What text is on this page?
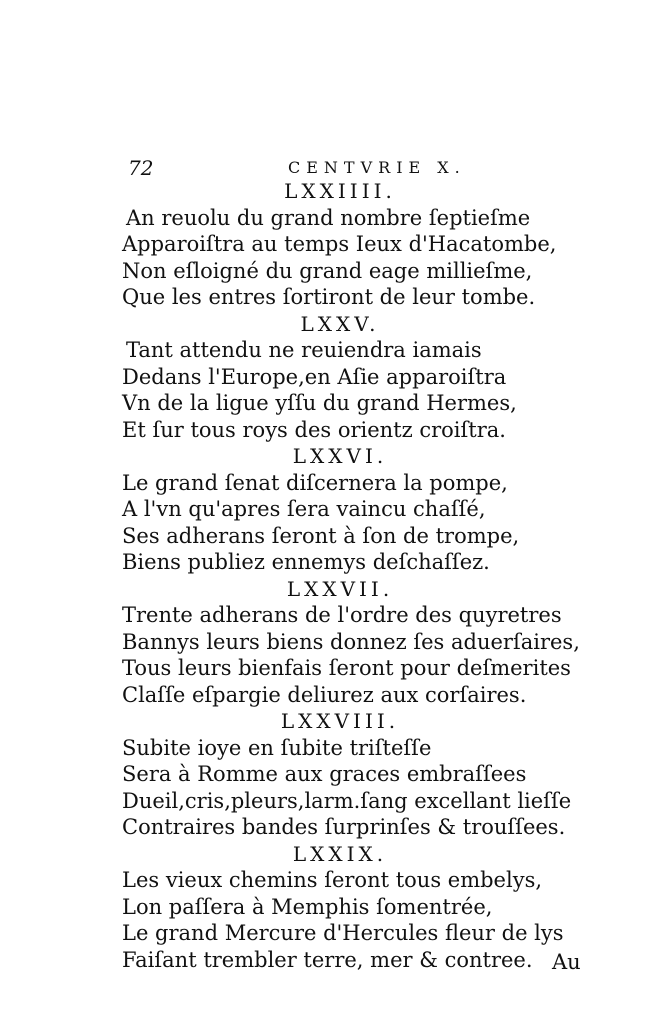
72	CENTVRIE X.
LXXIIII.
An reuolu du grand nombre ſeptieſme
Apparoiſtra au temps Ieux d'Hacatombe,
Non eſloigné du grand eage millieſme,
Que les entres ſortiront de leur tombe.
LXXV.
Tant attendu ne reuiendra iamais
Dedans l'Europe,en Aſie apparoiſtra
Vn de la ligue yſſu du grand Hermes,
Et ſur tous roys des orientz croiſtra.
LXXVI.
Le grand ſenat diſcernera la pompe,
A l'vn qu'apres ſera vaincu chaſſé,
Ses adherans ſeront à ſon de trompe,
Biens publiez ennemys deſchaſſez.
LXXVII.
Trente adherans de l'ordre des quyretres
Bannys leurs biens donnez ſes aduerſaires,
Tous leurs bienfais ſeront pour deſmerites
Claſſe eſpargie deliurez aux corſaires.
LXXVIII.
Subite ioye en ſubite triſteſſe
Sera à Romme aux graces embraſſees
Dueil,cris,pleurs,larm.ſang excellant lieſſe
Contraires bandes ſurprinſes & trouſſees.
LXXIX.
Les vieux chemins ſeront tous embelys,
Lon paſſera à Memphis ſomentrée,
Le grand Mercure d'Hercules fleur de lys
Faiſant trembler terre, mer & contree. Au
